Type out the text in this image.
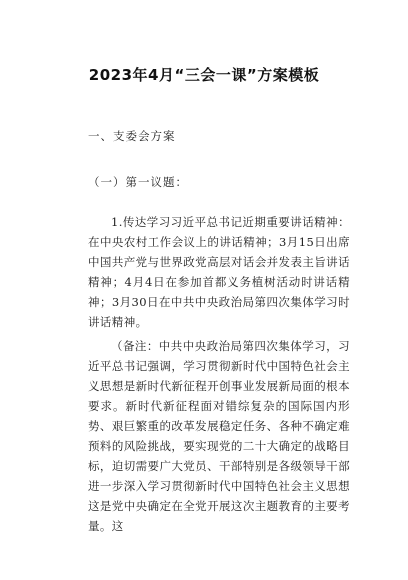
2023年4月“三会一课”方案模板
一、支委会方案
（一）第一议题：
1.传达学习习近平总书记近期重要讲话精神：在中央农村工作会议上的讲话精神；3月15日出席中国共产党与世界政党高层对话会并发表主旨讲话精神；4月4日在参加首都义务植树活动时讲话精神；3月30日在中共中央政治局第四次集体学习时讲话精神。
（备注：中共中央政治局第四次集体学习，习近平总书记强调，学习贯彻新时代中国特色社会主义思想是新时代新征程开创事业发展新局面的根本要求。新时代新征程面对错综复杂的国际国内形势、艰巨繁重的改革发展稳定任务、各种不确定难预料的风险挑战，要实现党的二十大确定的战略目标，迫切需要广大党员、干部特别是各级领导干部进一步深入学习贯彻新时代中国特色社会主义思想这是党中央确定在全党开展这次主题教育的主要考量。这
